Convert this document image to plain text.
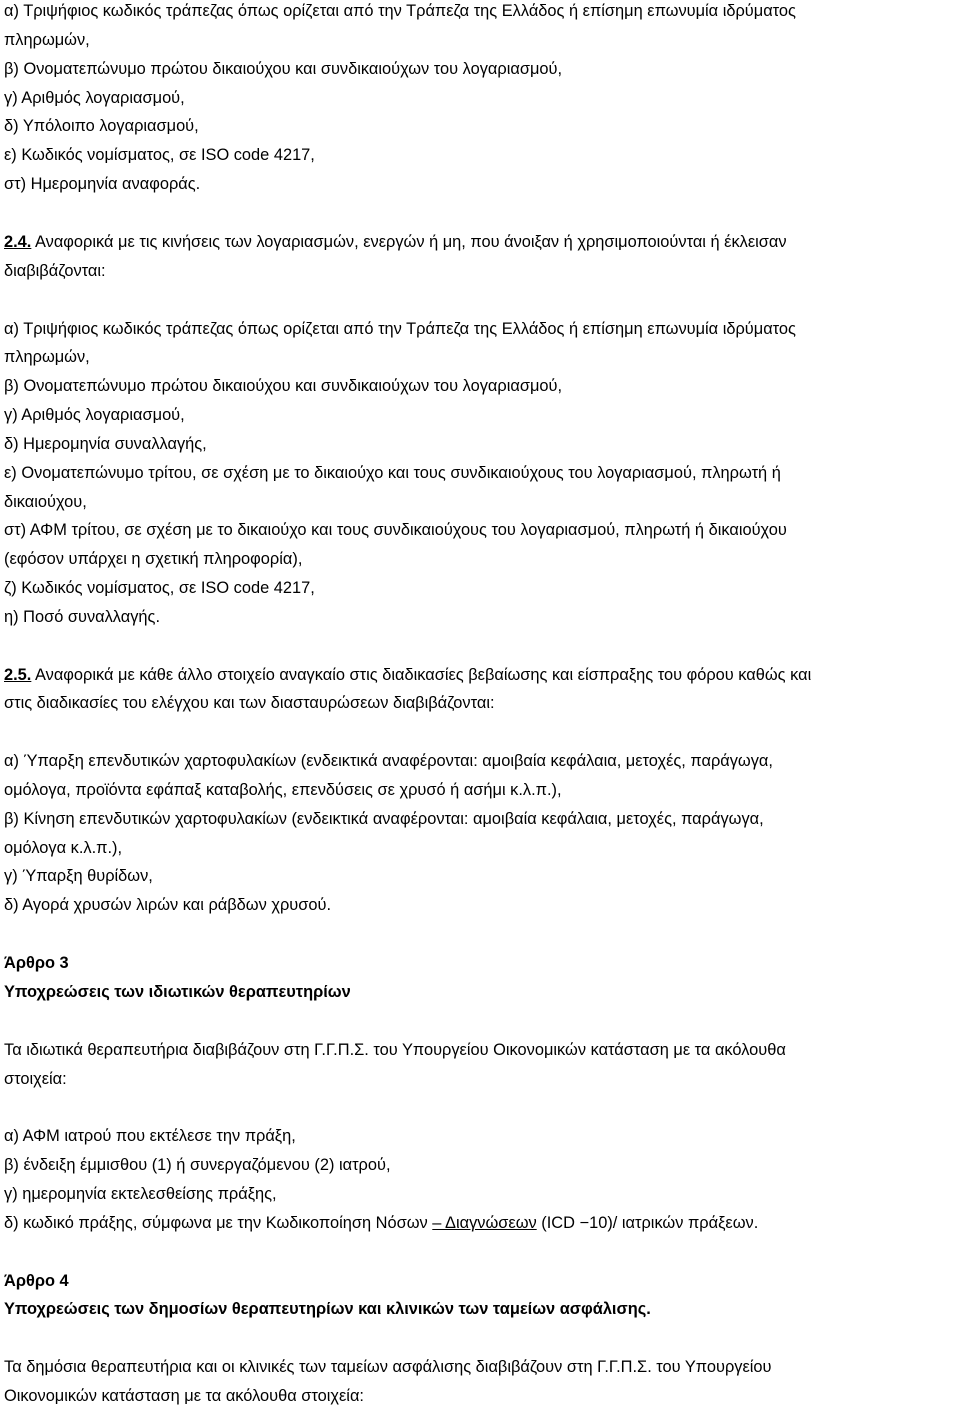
α) Τριψήφιος κωδικός τράπεζας όπως ορίζεται από την Τράπεζα της Ελλάδος ή επίσημη επωνυμία ιδρύματος
πληρωμών,
β) Ονοματεπώνυμο πρώτου δικαιούχου και συνδικαιούχων του λογαριασμού,
γ) Αριθμός λογαριασμού,
δ) Υπόλοιπο λογαριασμού,
ε) Κωδικός νομίσματος, σε ISO code 4217,
στ) Ημερομηνία αναφοράς.
2.4. Αναφορικά με τις κινήσεις των λογαριασμών, ενεργών ή μη, που άνοιξαν ή χρησιμοποιούνται ή έκλεισαν
διαβιβάζονται:
α) Τριψήφιος κωδικός τράπεζας όπως ορίζεται από την Τράπεζα της Ελλάδος ή επίσημη επωνυμία ιδρύματος
πληρωμών,
β) Ονοματεπώνυμο πρώτου δικαιούχου και συνδικαιούχων του λογαριασμού,
γ) Αριθμός λογαριασμού,
δ) Ημερομηνία συναλλαγής,
ε) Ονοματεπώνυμο τρίτου, σε σχέση με το δικαιούχο και τους συνδικαιούχους του λογαριασμού, πληρωτή ή
δικαιούχου,
στ) ΑΦΜ τρίτου, σε σχέση με το δικαιούχο και τους συνδικαιούχους του λογαριασμού, πληρωτή ή δικαιούχου
(εφόσον υπάρχει η σχετική πληροφορία),
ζ) Κωδικός νομίσματος, σε ISO code 4217,
η) Ποσό συναλλαγής.
2.5. Αναφορικά με κάθε άλλο στοιχείο αναγκαίο στις διαδικασίες βεβαίωσης και είσπραξης του φόρου καθώς και
στις διαδικασίες του ελέγχου και των διασταυρώσεων διαβιβάζονται:
α) Ύπαρξη επενδυτικών χαρτοφυλακίων (ενδεικτικά αναφέρονται: αμοιβαία κεφάλαια, μετοχές, παράγωγα,
ομόλογα, προϊόντα εφάπαξ καταβολής, επενδύσεις σε χρυσό ή ασήμι κ.λ.π.),
β) Κίνηση επενδυτικών χαρτοφυλακίων (ενδεικτικά αναφέρονται: αμοιβαία κεφάλαια, μετοχές, παράγωγα,
ομόλογα κ.λ.π.),
γ) Ύπαρξη θυρίδων,
δ) Αγορά χρυσών λιρών και ράβδων χρυσού.
Άρθρο 3
Υποχρεώσεις των ιδιωτικών θεραπευτηρίων
Τα ιδιωτικά θεραπευτήρια διαβιβάζουν στη Γ.Γ.Π.Σ. του Υπουργείου Οικονομικών κατάσταση με τα ακόλουθα
στοιχεία:
α) ΑΦΜ ιατρού που εκτέλεσε την πράξη,
β) ένδειξη έμμισθου (1) ή συνεργαζόμενου (2) ιατρού,
γ) ημερομηνία εκτελεσθείσης πράξης,
δ) κωδικό πράξης, σύμφωνα με την Κωδικοποίηση Νόσων – Διαγνώσεων (ICD −10)/ ιατρικών πράξεων.
Άρθρο 4
Υποχρεώσεις των δημοσίων θεραπευτηρίων και κλινικών των ταμείων ασφάλισης.
Τα δημόσια θεραπευτήρια και οι κλινικές των ταμείων ασφάλισης διαβιβάζουν στη Γ.Γ.Π.Σ. του Υπουργείου
Οικονομικών κατάσταση με τα ακόλουθα στοιχεία:
